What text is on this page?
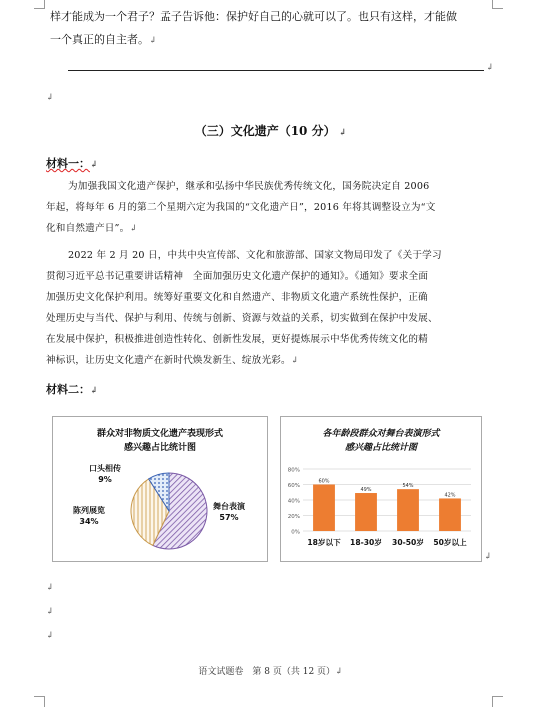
样才能成为一个君子？孟子告诉他：保护好自己的心就可以了。也只有这样，才能做
一个真正的自主者。↲
↲
↲
（三）文化遗产（10 分） ↲
材料一：↲
为加强我国文化遗产保护，继承和弘扬中华民族优秀传统文化，国务院决定自 2006
年起，将每年 6 月的第二个星期六定为我国的“文化遗产日”，2016 年将其调整设立为“文
化和自然遗产日”。↲
2022 年 2 月 20 日，中共中央宣传部、文化和旅游部、国家文物局印发了《关于学习
贯彻习近平总书记重要讲话精神　全面加强历史文化遗产保护的通知》。《通知》要求全面
加强历史文化保护利用。统筹好重要文化和自然遗产、非物质文化遗产系统性保护，正确
处理历史与当代、保护与利用、传统与创新、资源与效益的关系，切实做到在保护中发展、
在发展中保护，积极推进创造性转化、创新性发展，更好提炼展示中华优秀传统文化的精
神标识，让历史文化遗产在新时代焕发新生、绽放光彩。↲
材料二：↲
群众对非物质文化遗产表现形式
感兴趣占比统计图
口头相传
9%
陈列展览
34%
舞台表演
57%
各年龄段群众对舞台表演形式
感兴趣占比统计图
0%
20%
40%
60%
80%
60%
18岁以下
49%
18-30岁
54%
30-50岁
42%
50岁以上
↲
↲
↲
↲
语文试题卷　第 8 页（共 12 页）↲
